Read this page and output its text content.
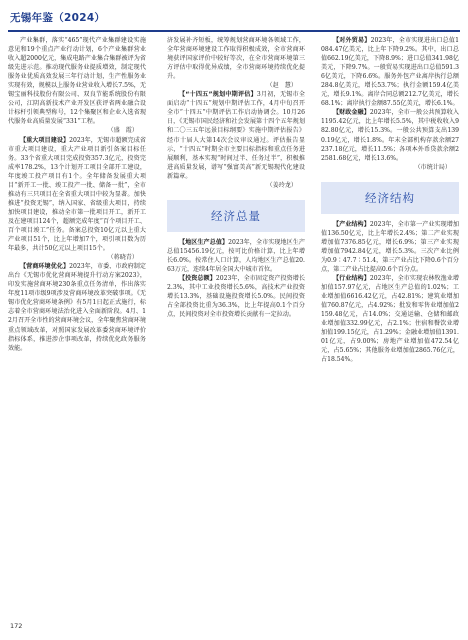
无锡年鉴（2024）

产业集群，落实“465”现代产业集群建设实施意见和19个重点产业行动计划，6个产业集群营业收入超2000亿元，集成电路产业集合集群被评为省级先进示范。推动现代服务业提质增效，制定现代服务业优质高效发展三年行动计划，生产性服务业实现有效，规模以上服务业营业收入增长7.5%，无锡宝丽科技股份有限公司、双良节能系统股份有限公司，江阴高新技术产业开发区获评省两业融合设计标杆引领典型称号，12个集聚区和企业入选省现代服务业高质量发展“331”工程。

（盛　霞）

【重大项目建设】2023年，无锡市超额完成省市重大项目建设，重大产业项目新引备案目标任务。33个省重大项目完成投资357.3亿元，投资完成率178.2%，13个计划开工项目全部开工建设，年度竣工投产项目有1个。全年储备发展重大项目“新开工一批、竣工投产一批、储备一批”，全市推动有三只项目在全省重大项目中较为显著。加快推进“投资无锡”，纳入国家、省级重大项目，持续加快项目建设，推动全市第一批项目开工，新开工及在建项目124个，超额完成年度“百个项目开工、百个项目竣工”任务。备案总投资10亿元以上重大产业项目51个，比上年增加7个，项引项目数为历年最多，共计50亿元以上项目15个。

（蒋晓青）

【营商环境优化】2023年，市委、市政府制定出台《无锡市优化营商环境提升行动方案2023》，印发实施营商环境230条重点任务清单，作出落实年度11项市级9项涉及营商环境改革突破事项。《无锡市优化营商环境条例》有5月1日起正式施行，标志着全市营商环境法治化进入全面新阶段。4月、12月召开全市性的营商环境会议，全年聚焦营商环境重点领域改革，对照国家发展改革委营商环境评价指标体系，推进涉企事项改革，持续优化政务服务效能。

济发展补齐短板，统筹规划营商环境各领域工作，全年营商环境建设工作取得积极成效，全市营商环境获评国家评价中较好等次，在全市营商环境第三方评估中取得优异成绩，全市营商环境持续优化提升。

（赵　慧）

【“十四五”规划中期评估】3月初，无锡市全面启动“十四五”规划中期评估工作，4月中旬召开全市“十四五”中期评估工作启动协调会。10月26日，《无锡市国民经济和社会发展第十四个五年规划和二〇三五年远景目标纲要》实施中期评估报告》经市十届人大第14次会议审议通过。评估报告显示，“十四五”时期全市主要目标指标和重点任务进展顺利，基本实现“时间过半、任务过半”，积极推进高质量发展，谱写“强富美高”新无锡现代化建设新篇章。

（姜玲龙）

经济总量

【地区生产总值】2023年，全市实现地区生产总值15456.19亿元，按可比价格计算，比上年增长6.0%。按常住人口计算，人均地区生产总值20.63万元，连续4年居全国大中城市首位。

【投资总额】2023年，全市固定资产投资增长2.3%，其中工业投资增长5.6%，高技术产业投资增长13.3%，基础设施投资增长5.0%。民间投资占全部投资比重为36.3%，比上年提高0.1个百分点，民间投资对全市投资增长贡献有一定拉动。

【对外贸易】2023年，全市实现进出口总值1084.47亿美元，比上年下降9.2%。其中，出口总值662.19亿美元，下降8.9%；进口总值341.98亿美元，下降9.7%。一般贸易实现进出口总值591.36亿美元，下降6.6%。服务外包产业离岸执行总额284.8亿美元，增长53.7%；执行金额159.4亿美元，增长9.1%。离岸合同总额212.7亿美元，增长68.1%；离岸执行金额87.55亿美元，增长6.1%。

【财政金融】2023年，全市一般公共预算收入1195.42亿元，比上年增长5.5%，其中税收收入982.80亿元，增长15.3%。一般公共预算支出1390.19亿元，增长1.8%。年末全部机构存款余额27237.18亿元，增长11.5%；各项本外币贷款余额22581.68亿元，增长13.6%。

（市统计局）

经济结构

【产业结构】2023年，全市第一产业实现增加值136.50亿元，比上年增长2.4%；第二产业实现增加值7376.85亿元，增长6.9%；第三产业实现增加值7942.84亿元，增长5.3%。三次产业比例为0.9∶47.7∶51.4，第三产业占比下降0.6个百分点，第二产业占比提高0.6个百分点。

【行业结构】2023年，全市实现农林牧渔业增加值157.97亿元，占地区生产总值的1.02%；工业增加值6616.42亿元，占42.81%；建筑业增加值760.87亿元，占4.92%；批发和零售业增加值2159.48亿元，占14.0%；交通运输、仓储和邮政业增加值332.99亿元，占2.1%；住宿和餐饮业增加值199.15亿元，占1.29%；金融业增加值1391.01亿元，占9.00%；房地产业增加值472.54亿元，占5.65%；其他服务业增加值2865.76亿元，占18.54%。

172
